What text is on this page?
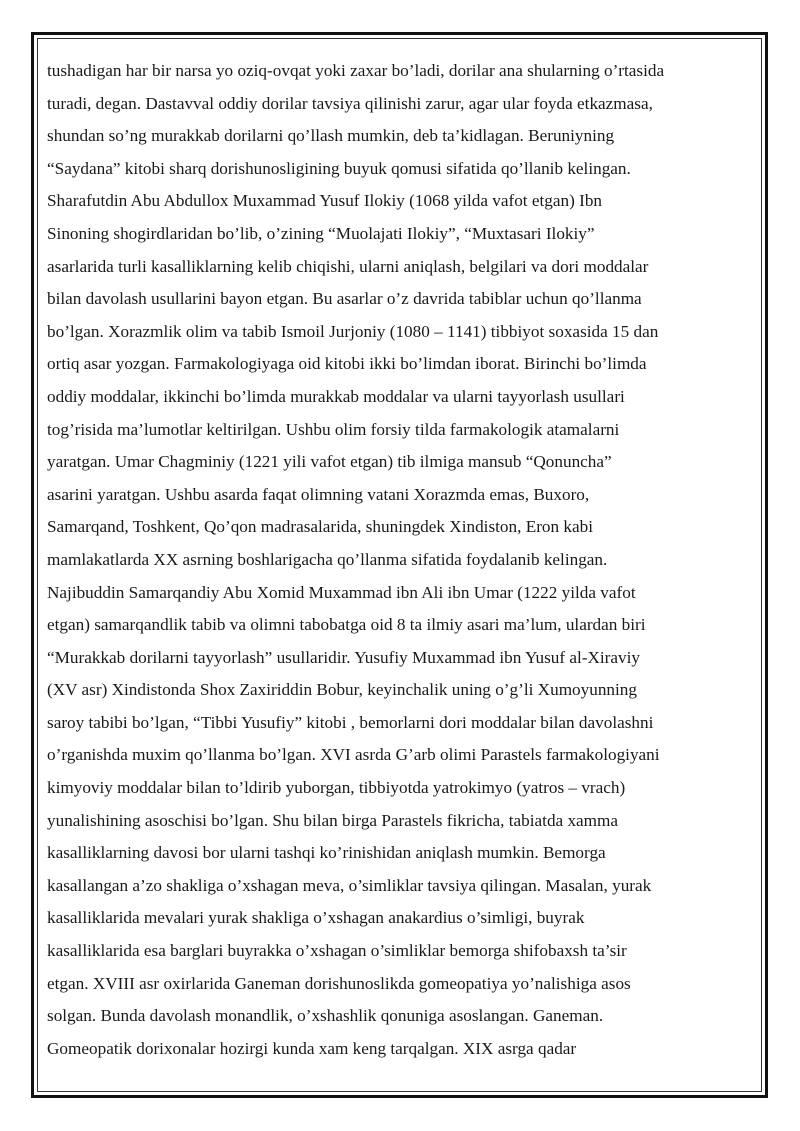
tushadigan har bir narsa yo oziq-ovqat yoki zaxar bo’ladi, dorilar ana shularning o’rtasida
turadi, degan. Dastavval oddiy dorilar tavsiya qilinishi zarur, agar ular foyda etkazmasa,
shundan so’ng murakkab dorilarni qo’llash mumkin, deb ta’kidlagan. Beruniyning
“Saydana” kitobi sharq dorishunosligining buyuk qomusi sifatida qo’llanib kelingan.
Sharafutdin Abu Abdullox Muxammad Yusuf Ilokiy (1068 yilda vafot etgan) Ibn
Sinoning shogirdlaridan bo’lib, o’zining “Muolajati Ilokiy”, “Muxtasari Ilokiy”
asarlarida turli kasalliklarning kelib chiqishi, ularni aniqlash, belgilari va dori moddalar
bilan davolash usullarini bayon etgan. Bu asarlar o’z davrida tabiblar uchun qo’llanma
bo’lgan. Xorazmlik olim va tabib Ismoil Jurjoniy (1080 – 1141) tibbiyot soxasida 15 dan
ortiq asar yozgan. Farmakologiyaga oid kitobi ikki bo’limdan iborat. Birinchi bo’limda
oddiy moddalar, ikkinchi bo’limda murakkab moddalar va ularni tayyorlash usullari
tog’risida ma’lumotlar keltirilgan. Ushbu olim forsiy tilda farmakologik atamalarni
yaratgan. Umar Chagminiy (1221 yili vafot etgan) tib ilmiga mansub “Qonuncha”
asarini yaratgan. Ushbu asarda faqat olimning vatani Xorazmda emas, Buxoro,
Samarqand, Toshkent, Qo’qon madrasalarida, shuningdek Xindiston, Eron kabi
mamlakatlarda XX asrning boshlarigacha qo’llanma sifatida foydalanib kelingan.
Najibuddin Samarqandiy Abu Xomid Muxammad ibn Ali ibn Umar (1222 yilda vafot
etgan) samarqandlik tabib va olimni tabobatga oid 8 ta ilmiy asari ma’lum, ulardan biri
“Murakkab dorilarni tayyorlash” usullaridir. Yusufiy Muxammad ibn Yusuf al-Xiraviy
(XV asr) Xindistonda Shox Zaxiriddin Bobur, keyinchalik uning o’g’li Xumoyunning
saroy tabibi bo’lgan, “Tibbi Yusufiy” kitobi , bemorlarni dori moddalar bilan davolashni
o’rganishda muxim qo’llanma bo’lgan. XVI asrda G’arb olimi Parastels farmakologiyani
kimyoviy moddalar bilan to’ldirib yuborgan, tibbiyotda yatrokimyo (yatros – vrach)
yunalishining asoschisi bo’lgan. Shu bilan birga Parastels fikricha, tabiatda xamma
kasalliklarning davosi bor ularni tashqi ko’rinishidan aniqlash mumkin. Bemorga
kasallangan a’zo shakliga o’xshagan meva, o’simliklar tavsiya qilingan. Masalan, yurak
kasalliklarida mevalari yurak shakliga o’xshagan anakardius o’simligi, buyrak
kasalliklarida esa barglari buyrakka o’xshagan o’simliklar bemorga shifobaxsh ta’sir
etgan. XVIII asr oxirlarida Ganeman dorishunoslikda gomeopatiya yo’nalishiga asos
solgan. Bunda davolash monandlik, o’xshashlik qonuniga asoslangan. Ganeman.
Gomeopatik dorixonalar hozirgi kunda xam keng tarqalgan. XIX asrga qadar
